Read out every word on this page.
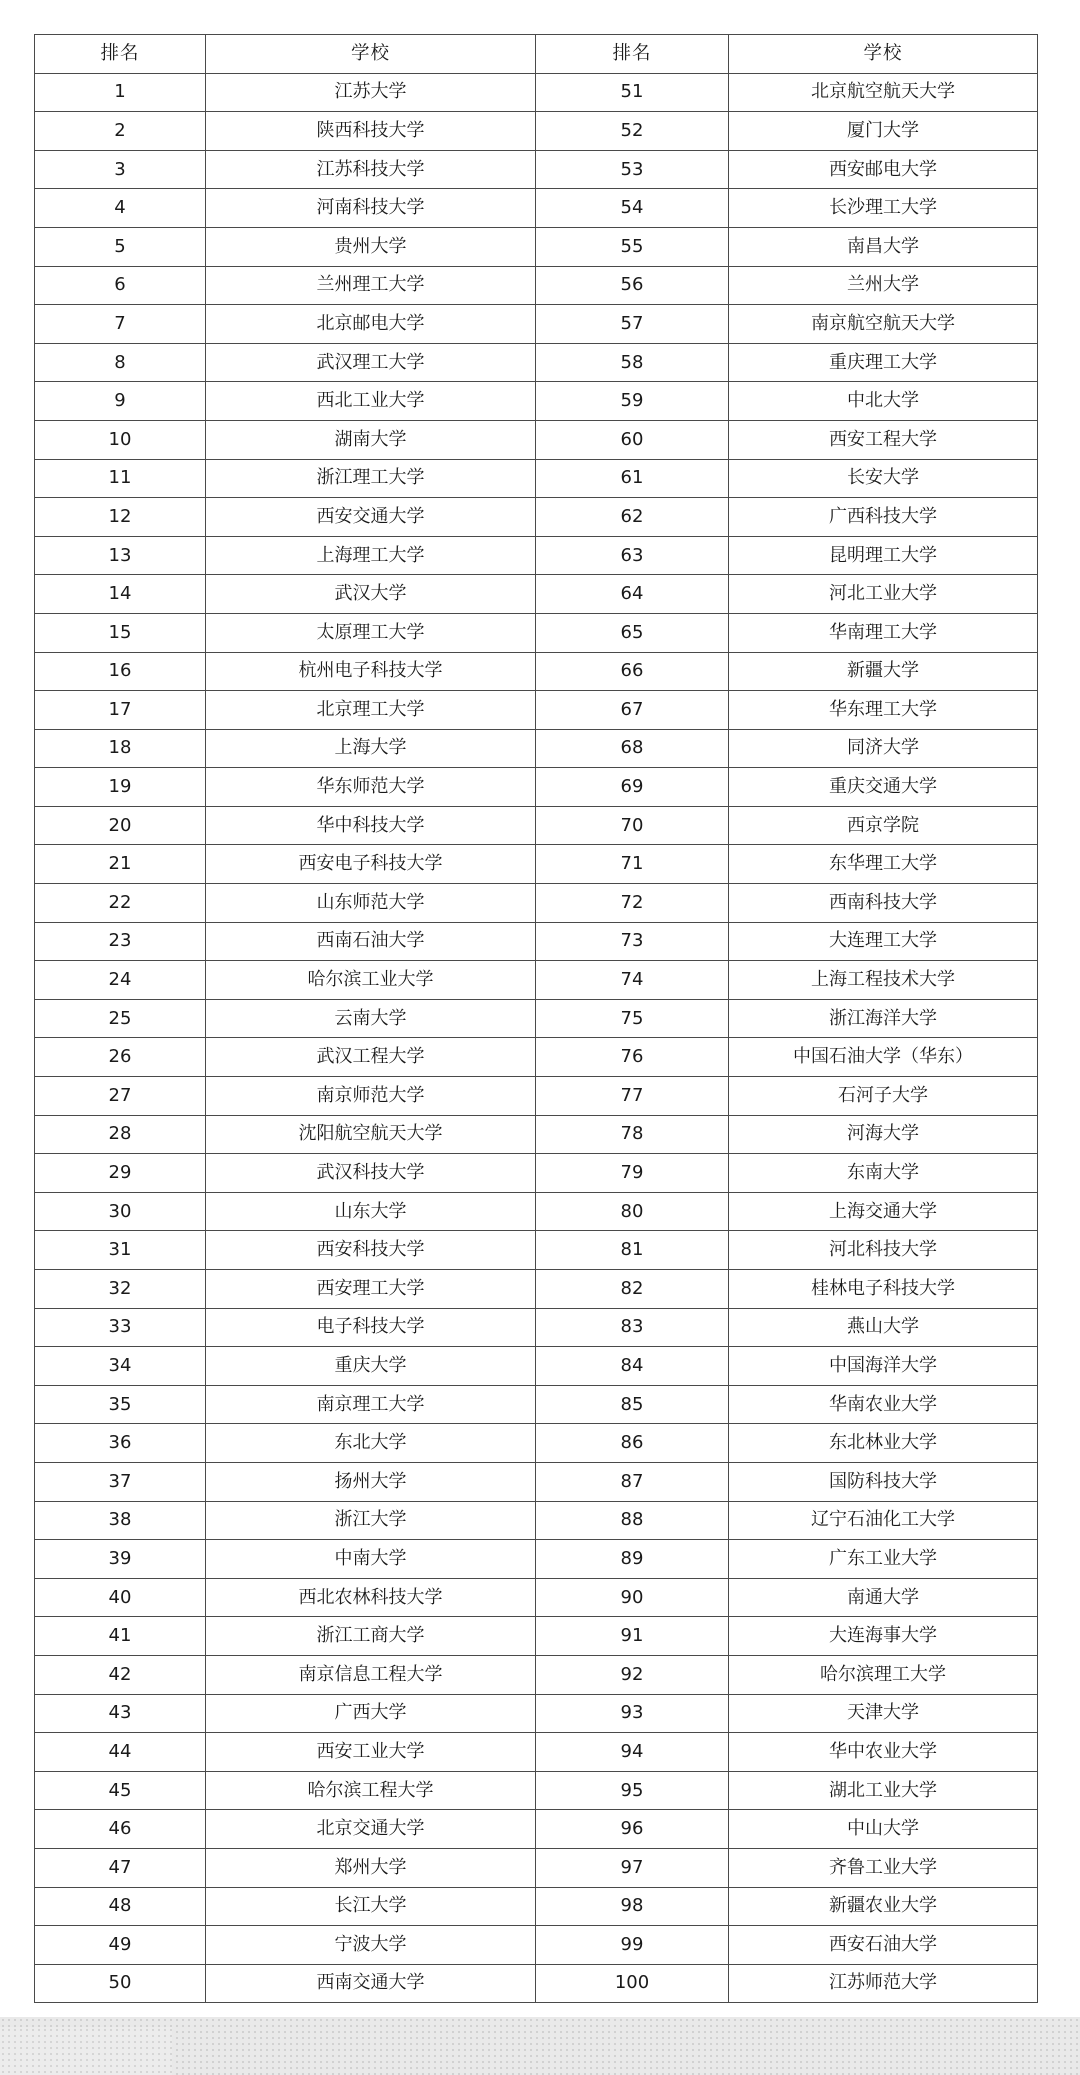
排名	学校	排名	学校
1	江苏大学	51	北京航空航天大学
2	陕西科技大学	52	厦门大学
3	江苏科技大学	53	西安邮电大学
4	河南科技大学	54	长沙理工大学
5	贵州大学	55	南昌大学
6	兰州理工大学	56	兰州大学
7	北京邮电大学	57	南京航空航天大学
8	武汉理工大学	58	重庆理工大学
9	西北工业大学	59	中北大学
10	湖南大学	60	西安工程大学
11	浙江理工大学	61	长安大学
12	西安交通大学	62	广西科技大学
13	上海理工大学	63	昆明理工大学
14	武汉大学	64	河北工业大学
15	太原理工大学	65	华南理工大学
16	杭州电子科技大学	66	新疆大学
17	北京理工大学	67	华东理工大学
18	上海大学	68	同济大学
19	华东师范大学	69	重庆交通大学
20	华中科技大学	70	西京学院
21	西安电子科技大学	71	东华理工大学
22	山东师范大学	72	西南科技大学
23	西南石油大学	73	大连理工大学
24	哈尔滨工业大学	74	上海工程技术大学
25	云南大学	75	浙江海洋大学
26	武汉工程大学	76	中国石油大学（华东）
27	南京师范大学	77	石河子大学
28	沈阳航空航天大学	78	河海大学
29	武汉科技大学	79	东南大学
30	山东大学	80	上海交通大学
31	西安科技大学	81	河北科技大学
32	西安理工大学	82	桂林电子科技大学
33	电子科技大学	83	燕山大学
34	重庆大学	84	中国海洋大学
35	南京理工大学	85	华南农业大学
36	东北大学	86	东北林业大学
37	扬州大学	87	国防科技大学
38	浙江大学	88	辽宁石油化工大学
39	中南大学	89	广东工业大学
40	西北农林科技大学	90	南通大学
41	浙江工商大学	91	大连海事大学
42	南京信息工程大学	92	哈尔滨理工大学
43	广西大学	93	天津大学
44	西安工业大学	94	华中农业大学
45	哈尔滨工程大学	95	湖北工业大学
46	北京交通大学	96	中山大学
47	郑州大学	97	齐鲁工业大学
48	长江大学	98	新疆农业大学
49	宁波大学	99	西安石油大学
50	西南交通大学	100	江苏师范大学
